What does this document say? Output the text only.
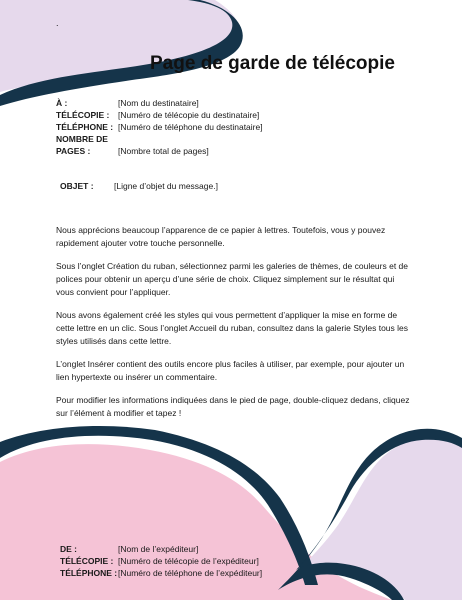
.
Page de garde de télécopie
À :	[Nom du destinataire]
TÉLÉCOPIE : [Numéro de télécopie du destinataire]
TÉLÉPHONE : [Numéro de téléphone du destinataire]
NOMBRE DE
PAGES :	[Nombre total de pages]
OBJET : [Ligne d’objet du message.]

Nous apprécions beaucoup l’apparence de ce papier à lettres. Toutefois, vous y pouvez rapidement ajouter votre touche personnelle.

Sous l’onglet Création du ruban, sélectionnez parmi les galeries de thèmes, de couleurs et de polices pour obtenir un aperçu d’une série de choix. Cliquez simplement sur le résultat qui vous convient pour l’appliquer.

Nous avons également créé les styles qui vous permettent d’appliquer la mise en forme de cette lettre en un clic. Sous l’onglet Accueil du ruban, consultez dans la galerie Styles tous les styles utilisés dans cette lettre.

L’onglet Insérer contient des outils encore plus faciles à utiliser, par exemple, pour ajouter un lien hypertexte ou insérer un commentaire.

Pour modifier les informations indiquées dans le pied de page, double-cliquez dedans, cliquez sur l’élément à modifier et tapez !

DE :	[Nom de l’expéditeur]
TÉLÉCOPIE : [Numéro de télécopie de l’expéditeur]
TÉLÉPHONE : [Numéro de téléphone de l’expéditeur]
